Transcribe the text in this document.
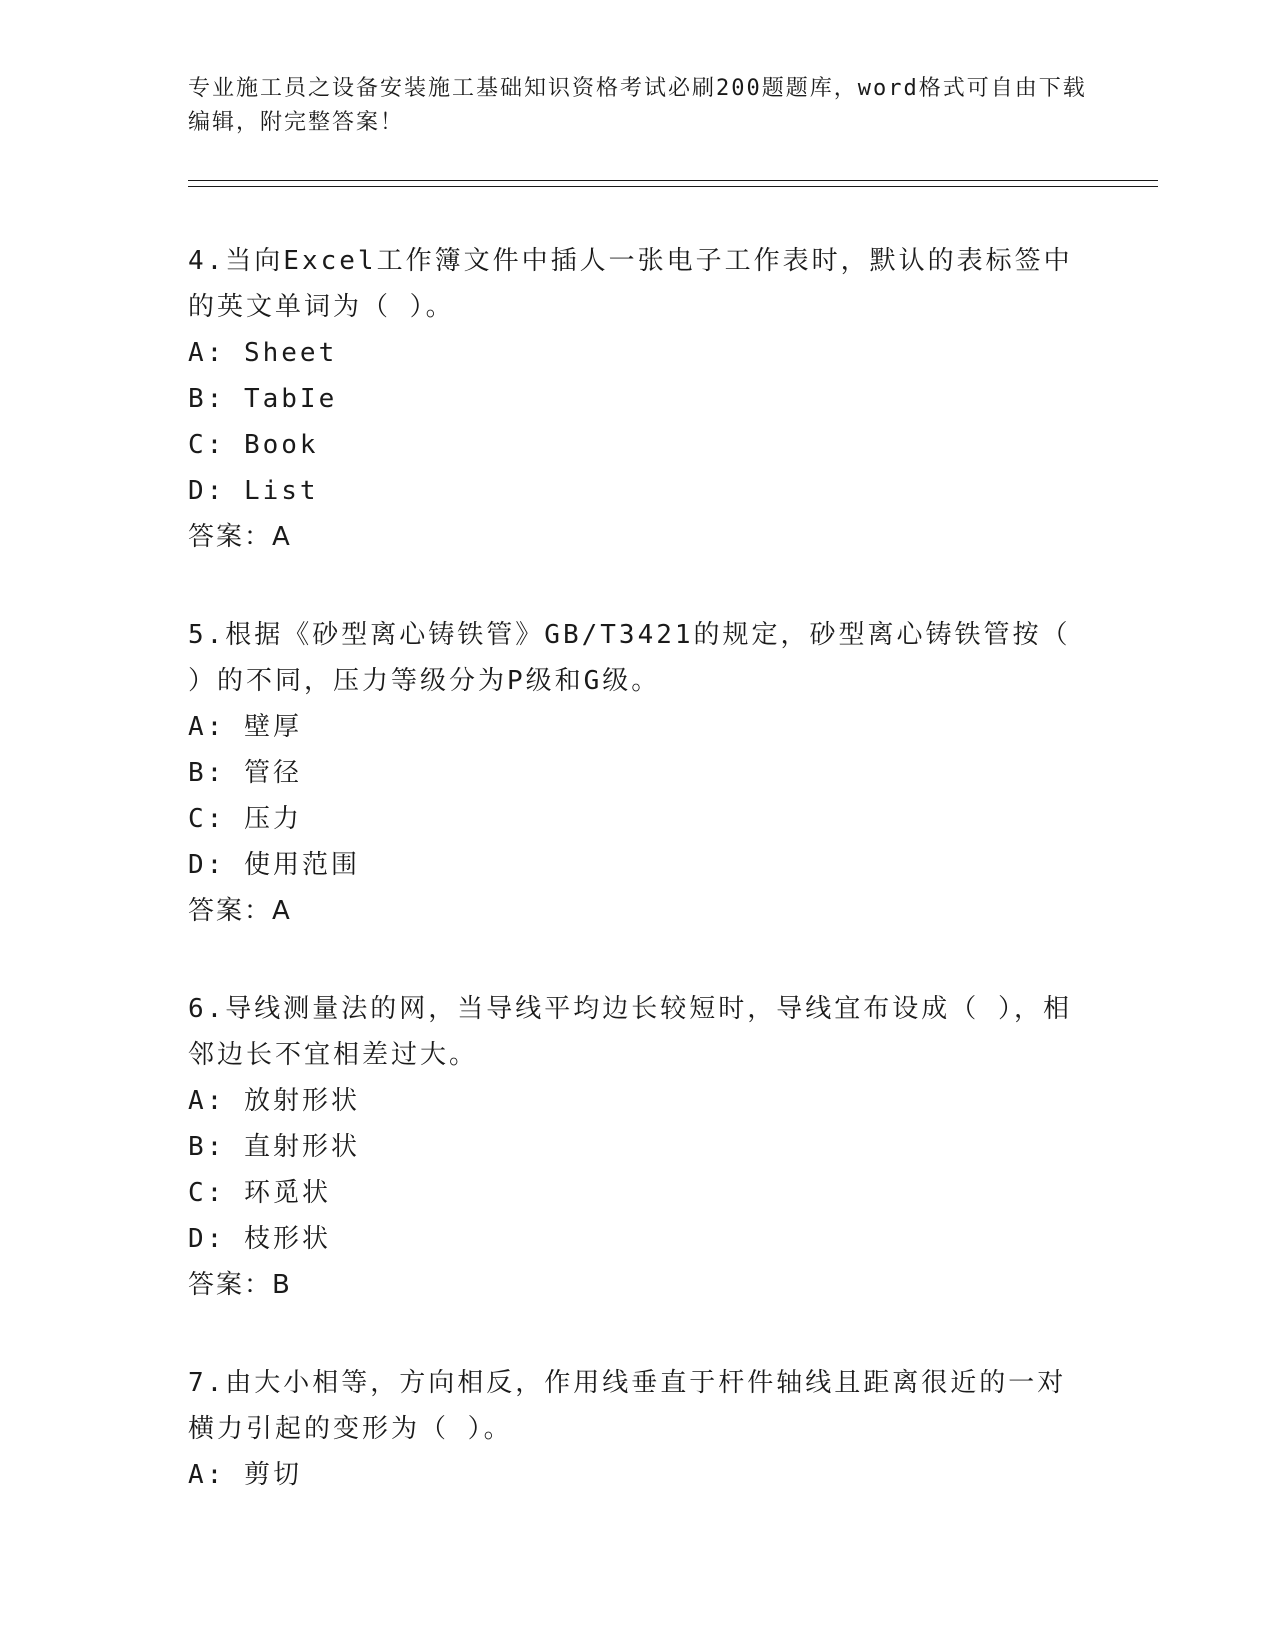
专业施工员之设备安装施工基础知识资格考试必刷200题题库，word格式可自由下载编辑，附完整答案！
4.当向Excel工作簿文件中插人一张电子工作表时，默认的表标签中的英文单词为（ ）。
A: Sheet
B: TabIe
C: Book
D: List
答案：A
5.根据《砂型离心铸铁管》GB/T3421的规定，砂型离心铸铁管按（ ）的不同，压力等级分为P级和G级。
A: 壁厚
B: 管径
C: 压力
D: 使用范围
答案：A
6.导线测量法的网，当导线平均边长较短时，导线宜布设成（ ），相邻边长不宜相差过大。
A: 放射形状
B: 直射形状
C: 环觅状
D: 枝形状
答案：B
7.由大小相等，方向相反，作用线垂直于杆件轴线且距离很近的一对横力引起的变形为（ ）。
A: 剪切
